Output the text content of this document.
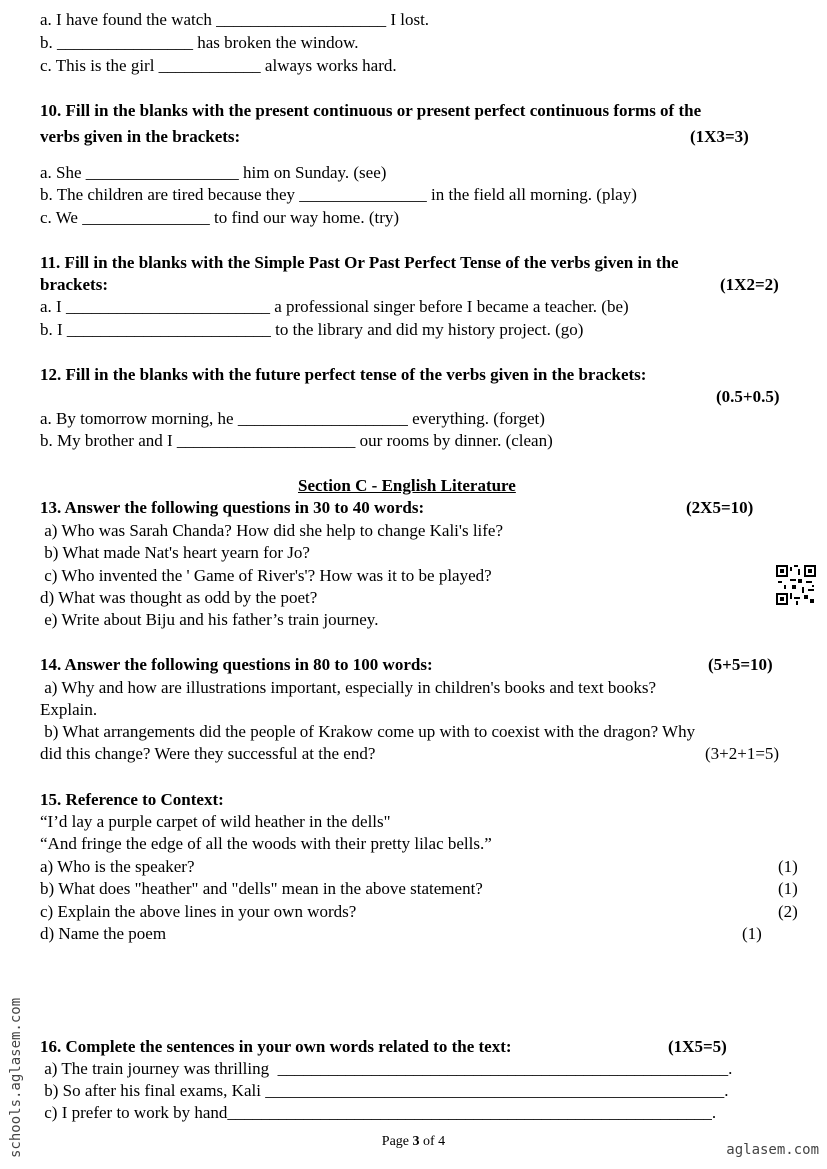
a. I have found the watch ____________________ I lost.
b. ________________ has broken the window.
c. This is the girl ____________ always works hard.
10. Fill in the blanks with the present continuous or present perfect continuous forms of the
verbs given in the brackets:	(1X3=3)
a. She __________________ him on Sunday. (see)
b. The children are tired because they _______________ in the field all morning. (play)
c. We _______________ to find our way home. (try)
11. Fill in the blanks with the Simple Past Or Past Perfect Tense of the verbs given in the
brackets:	(1X2=2)
a. I ________________________ a professional singer before I became a teacher. (be)
b. I ________________________ to the library and did my history project. (go)
12. Fill in the blanks with the future perfect tense of the verbs given in the brackets:
(0.5+0.5)
a. By tomorrow morning, he ____________________ everything. (forget)
b. My brother and I _____________________ our rooms by dinner. (clean)
Section C - English Literature
13. Answer the following questions in 30 to 40 words:	(2X5=10)
a) Who was Sarah Chanda? How did she help to change Kali's life?
b) What made Nat's heart yearn for Jo?
c) Who invented the ' Game of River's'? How was it to be played?
d) What was thought as odd by the poet?
e) Write about Biju and his father’s train journey.
14. Answer the following questions in 80 to 100 words:	(5+5=10)
a) Why and how are illustrations important, especially in children's books and text books?
Explain.
b) What arrangements did the people of Krakow come up with to coexist with the dragon? Why
did this change? Were they successful at the end?	(3+2+1=5)
15. Reference to Context:
“I’d lay a purple carpet of wild heather in the dells"
“And fringe the edge of all the woods with their pretty lilac bells.”
a) Who is the speaker?	(1)
b) What does "heather" and "dells" mean in the above statement?	(1)
c) Explain the above lines in your own words?	(2)
d) Name the poem	(1)
16. Complete the sentences in your own words related to the text:	(1X5=5)
a) The train journey was thrilling  _____________________________________________________.
b) So after his final exams, Kali ______________________________________________________.
c) I prefer to work by hand_________________________________________________________.
Page 3 of 4
schools.aglasem.com	aglasem.com
